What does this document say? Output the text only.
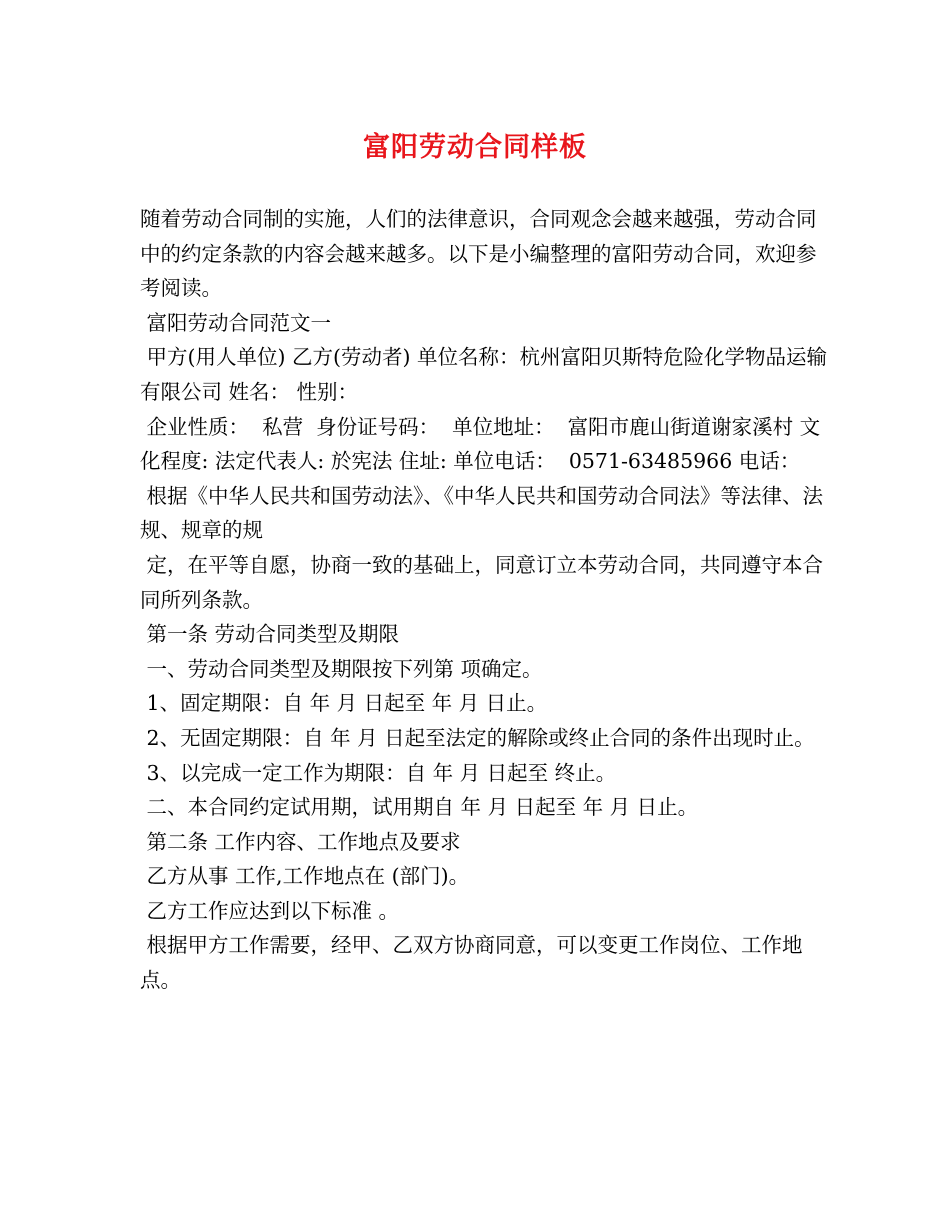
富阳劳动合同样板

随着劳动合同制的实施，人们的法律意识，合同观念会越来越强，劳动合同中的约定条款的内容会越来越多。以下是小编整理的富阳劳动合同，欢迎参考阅读。

富阳劳动合同范文一

甲方(用人单位) 乙方(劳动者) 单位名称：杭州富阳贝斯特危险化学物品运输有限公司 姓名： 性别：

企业性质：  私营  身份证号码：  单位地址：  富阳市鹿山街道谢家溪村 文化程度: 法定代表人: 於宪法 住址: 单位电话：  0571-63485966 电话：

根据《中华人民共和国劳动法》、《中华人民共和国劳动合同法》等法律、法规、规章的规

定，在平等自愿，协商一致的基础上，同意订立本劳动合同，共同遵守本合同所列条款。

第一条 劳动合同类型及期限

一、劳动合同类型及期限按下列第 项确定。

1、固定期限：自 年 月 日起至 年 月 日止。

2、无固定期限：自 年 月 日起至法定的解除或终止合同的条件出现时止。

3、以完成一定工作为期限：自 年 月 日起至 终止。

二、本合同约定试用期，试用期自 年 月 日起至 年 月 日止。

第二条 工作内容、工作地点及要求

乙方从事 工作,工作地点在 (部门)。

乙方工作应达到以下标准 。

根据甲方工作需要，经甲、乙双方协商同意，可以变更工作岗位、工作地点。
